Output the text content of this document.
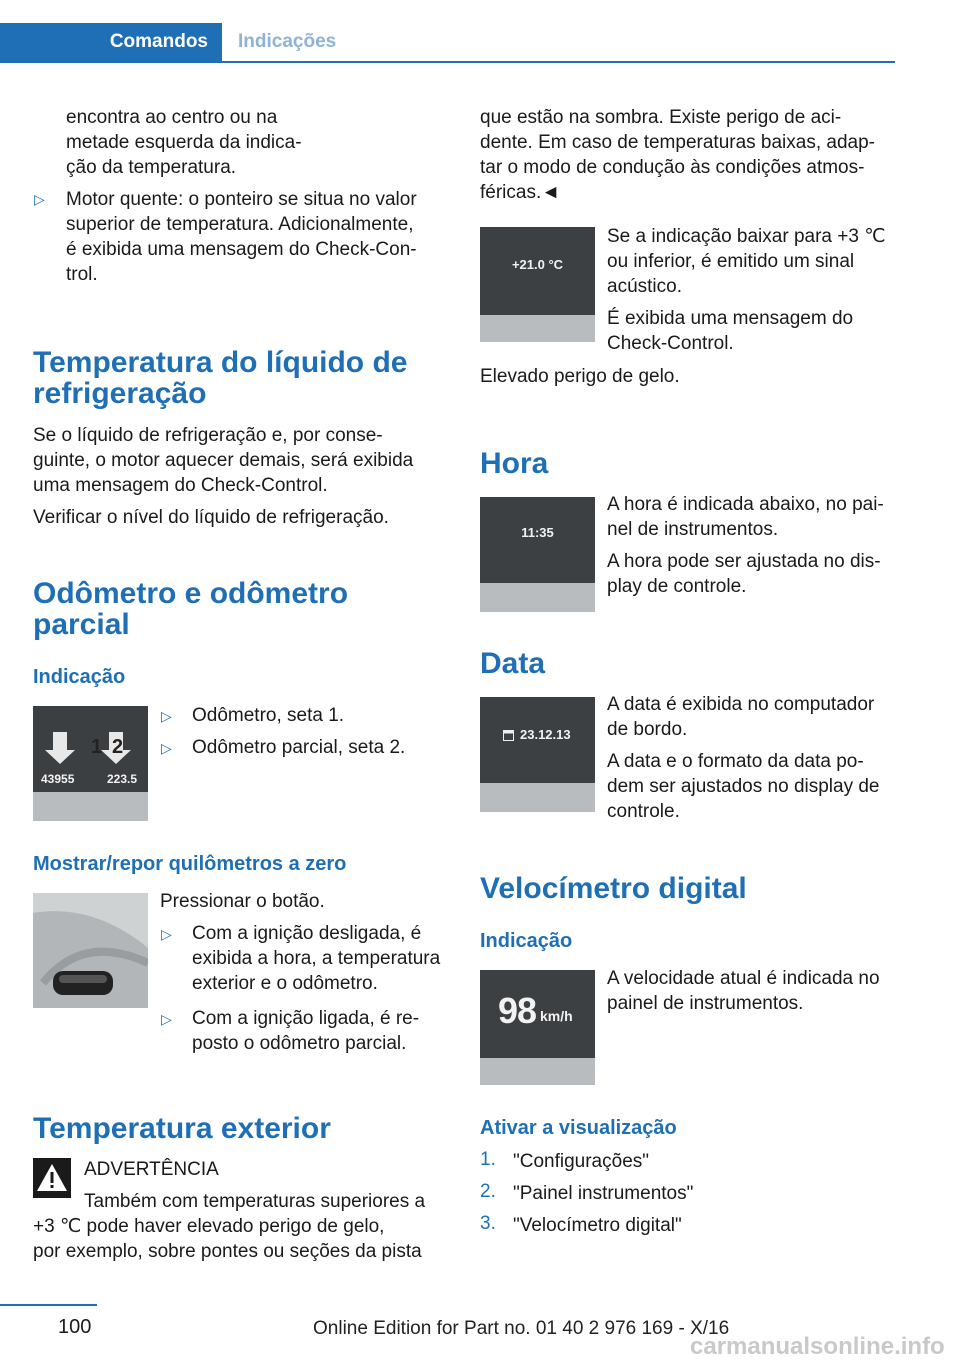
Comandos	Indicações
encontra ao centro ou na
metade esquerda da indica-
ção da temperatura.
▷ Motor quente: o ponteiro se situa no valor
superior de temperatura. Adicionalmente,
é exibida uma mensagem do Check-Con-
trol.
Temperatura do líquido de
refrigeração
Se o líquido de refrigeração e, por conse-
guinte, o motor aquecer demais, será exibida
uma mensagem do Check-Control.
Verificar o nível do líquido de refrigeração.
Odômetro e odômetro
parcial
Indicação
1 2
43955	223.5
▷ Odômetro, seta 1.
▷ Odômetro parcial, seta 2.
Mostrar/repor quilômetros a zero
Pressionar o botão.
▷ Com a ignição desligada, é
exibida a hora, a temperatura
exterior e o odômetro.
▷ Com a ignição ligada, é re-
posto o odômetro parcial.
Temperatura exterior
ADVERTÊNCIA
Também com temperaturas superiores a
+3 ℃ pode haver elevado perigo de gelo,
por exemplo, sobre pontes ou seções da pista
que estão na sombra. Existe perigo de aci-
dente. Em caso de temperaturas baixas, adap-
tar o modo de condução às condições atmos-
féricas.◄
+21.0 °C
Se a indicação baixar para +3 ℃
ou inferior, é emitido um sinal
acústico.
É exibida uma mensagem do
Check-Control.
Elevado perigo de gelo.
Hora
11:35
A hora é indicada abaixo, no pai-
nel de instrumentos.
A hora pode ser ajustada no dis-
play de controle.
Data
23.12.13
A data é exibida no computador
de bordo.
A data e o formato da data po-
dem ser ajustados no display de
controle.
Velocímetro digital
Indicação
98 km/h
A velocidade atual é indicada no
painel de instrumentos.
Ativar a visualização
1. "Configurações"
2. "Painel instrumentos"
3. "Velocímetro digital"
100	Online Edition for Part no. 01 40 2 976 169 - X/16
carmanualsonline.info
